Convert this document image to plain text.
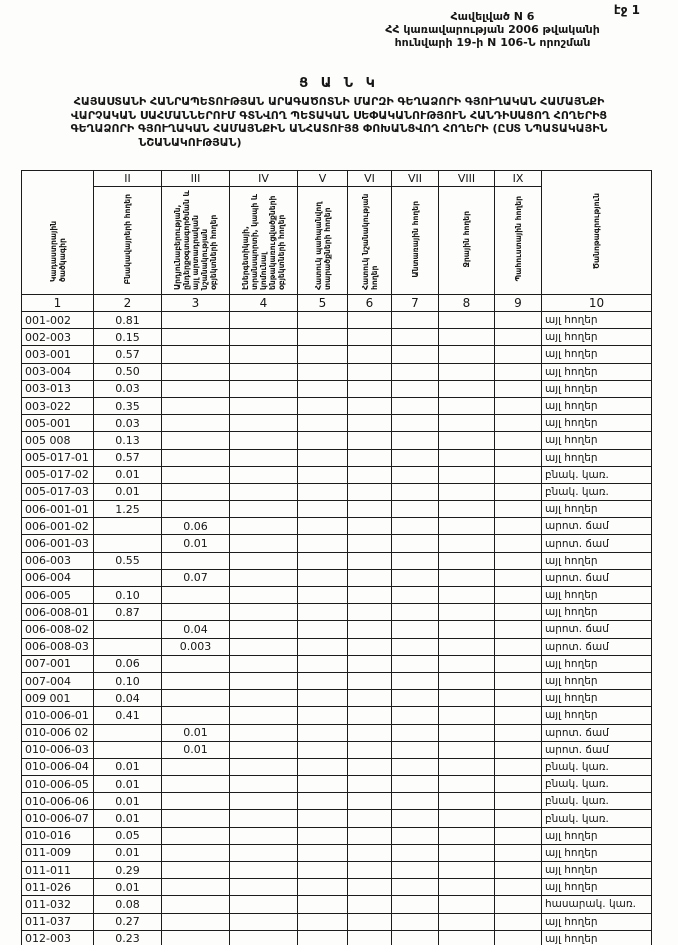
էջ 1
Հավելված N 6
ՀՀ կառավարության 2006 թվականի
հունվարի 19-ի N 106-Ն որոշման
Ց Ա Ն Կ
ՀԱՅԱՍՏԱՆԻ ՀԱՆՐԱՊԵՏՈՒԹՅԱՆ ԱՐԱԳԱԾՈՏՆԻ ՄԱՐԶԻ ԳԵՂԱՁՈՐԻ ԳՅՈՒՂԱԿԱՆ ՀԱՄԱՅՆՔԻ
ՎԱՐՉԱԿԱՆ ՍԱՀՄԱՆՆԵՐՈՒՄ ԳՏՆՎՈՂ ՊԵՏԱԿԱՆ ՍԵՓԱԿԱՆՈՒԹՅՈՒՆ ՀԱՆԴԻՍԱՑՈՂ ՀՈՂԵՐԻՑ
ԳԵՂԱՁՈՐԻ ԳՅՈՒՂԱԿԱՆ ՀԱՄԱՅՆՔԻՆ ԱՆՀԱՏՈՒՅՑ ՓՈԽԱՆՑՎՈՂ ՀՈՂԵՐԻ (ԸՍՏ ՆՊԱՏԱԿԱՅԻՆ
ՆՇԱՆԱԿՈՒԹՅԱՆ)
Կադաստրային ծածկագիր	II	III	IV	V	VI	VII	VIII	IX	Ծանոթագրություն
	Բնակավայրերի հողեր	Արդյունաբերության, ընդերքօգտագործման և այլ արտադրական նշանակության օբյեկտների հողեր	Էներգետիկայի, տրանսպորտի, կապի և կոմունալ ենթակառուցվածքների օբյեկտների հողեր	Հատուկ պահպանվող տարածքների հողեր	Հատուկ նշանակության հողեր	Անտառային հողեր	Ջրային հողեր	Պահուստային հողեր	
1	2	3	4	5	6	7	8	9	10
001-002	0.81								այլ հողեր
002-003	0.15								այլ հողեր
003-001	0.57								այլ հողեր
003-004	0.50								այլ հողեր
003-013	0.03								այլ հողեր
003-022	0.35								այլ հողեր
005-001	0.03								այլ հողեր
005 008	0.13								այլ հողեր
005-017-01	0.57								այլ հողեր
005-017-02	0.01								բնակ. կառ.
005-017-03	0.01								բնակ. կառ.
006-001-01	1.25								այլ հողեր
006-001-02		0.06							արոտ. ճամ
006-001-03		0.01							արոտ. ճամ
006-003	0.55								այլ հողեր
006-004		0.07							արոտ. ճամ
006-005	0.10								այլ հողեր
006-008-01	0.87								այլ հողեր
006-008-02		0.04							արոտ. ճամ
006-008-03		0.003							արոտ. ճամ
007-001	0.06								այլ հողեր
007-004	0.10								այլ հողեր
009 001	0.04								այլ հողեր
010-006-01	0.41								այլ հողեր
010-006 02		0.01							արոտ. ճամ
010-006-03		0.01							արոտ. ճամ
010-006-04	0.01								բնակ. կառ.
010-006-05	0.01								բնակ. կառ.
010-006-06	0.01								բնակ. կառ.
010-006-07	0.01								բնակ. կառ.
010-016	0.05								այլ հողեր
011-009	0.01								այլ հողեր
011-011	0.29								այլ հողեր
011-026	0.01								այլ հողեր
011-032	0.08								հասարակ. կառ.
011-037	0.27								այլ հողեր
012-003	0.23								այլ հողեր
